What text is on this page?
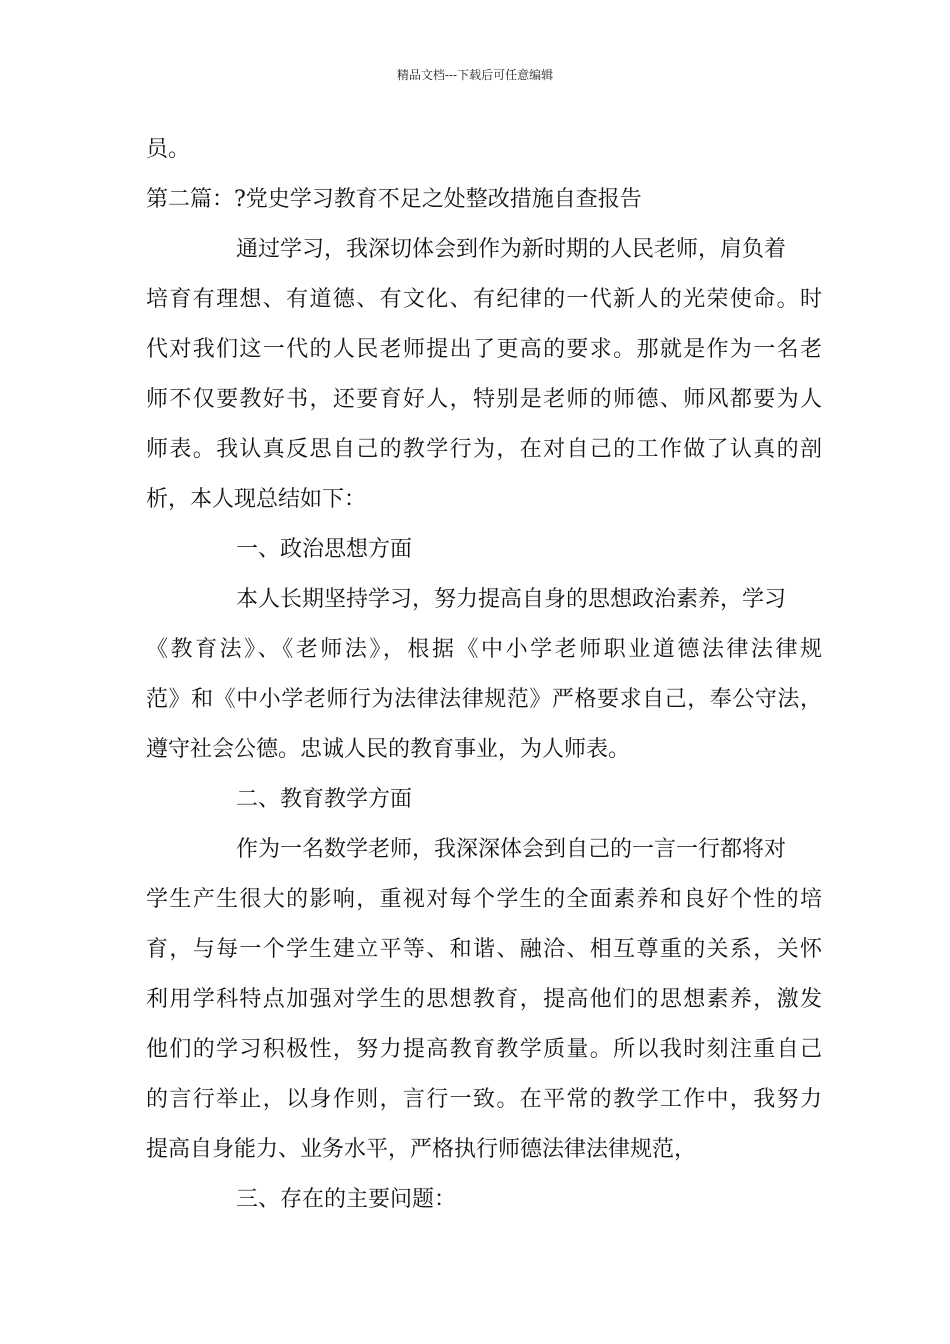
精品文档---下载后可任意编辑
员。
第二篇：?党史学习教育不足之处整改措施自查报告
通过学习，我深切体会到作为新时期的人民老师，肩负着
培育有理想、有道德、有文化、有纪律的一代新人的光荣使命。时
代对我们这一代的人民老师提出了更高的要求。那就是作为一名老
师不仅要教好书，还要育好人，特别是老师的师德、师风都要为人
师表。我认真反思自己的教学行为，在对自己的工作做了认真的剖
析，本人现总结如下：
一、政治思想方面
本人长期坚持学习，努力提高自身的思想政治素养，学习
《教育法》、《老师法》，根据《中小学老师职业道德法律法律规
范》和《中小学老师行为法律法律规范》严格要求自己，奉公守法，
遵守社会公德。忠诚人民的教育事业，为人师表。
二、教育教学方面
作为一名数学老师，我深深体会到自己的一言一行都将对
学生产生很大的影响，重视对每个学生的全面素养和良好个性的培
育，与每一个学生建立平等、和谐、融洽、相互尊重的关系，关怀
利用学科特点加强对学生的思想教育，提高他们的思想素养，激发
他们的学习积极性，努力提高教育教学质量。所以我时刻注重自己
的言行举止，以身作则，言行一致。在平常的教学工作中，我努力
提高自身能力、业务水平，严格执行师德法律法律规范，
三、存在的主要问题：
